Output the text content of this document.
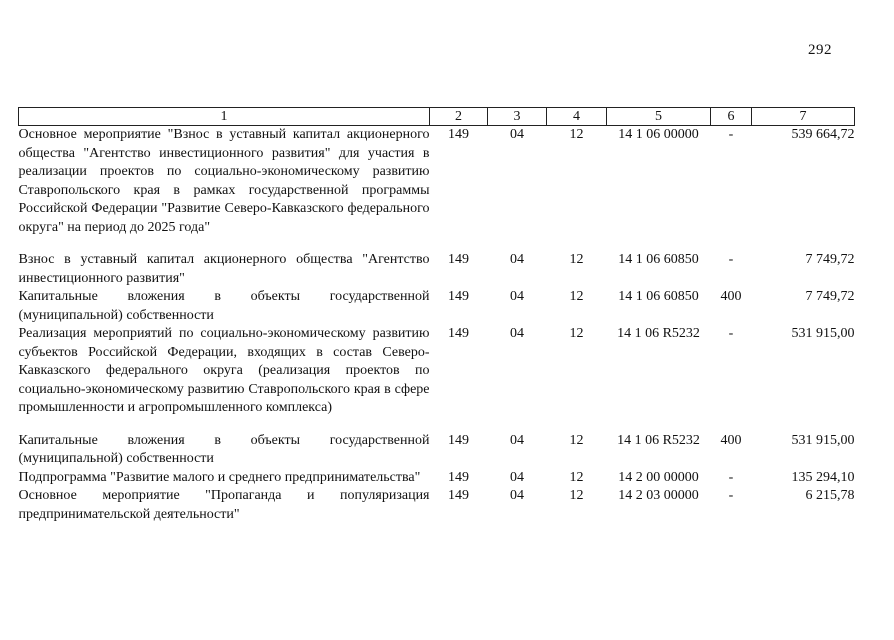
292
1	2	3	4	5	6	7
Основное мероприятие "Взнос в уставный капитал акционерного общества "Агентство инвестиционного развития" для участия в реализации проектов по социально-экономическому развитию Ставропольского края в рамках государственной программы Российской Федерации "Развитие Северо-Кавказского федерального округа" на период до 2025 года"	149	04	12	14 1 06 00000	-	539 664,72
Взнос в уставный капитал акционерного общества "Агентство инвестиционного развития"	149	04	12	14 1 06 60850	-	7 749,72
Капитальные вложения в объекты государственной (муниципальной) собственности	149	04	12	14 1 06 60850	400	7 749,72
Реализация мероприятий по социально-экономическому развитию субъектов Российской Федерации, входящих в состав Северо-Кавказского федерального округа (реализация проектов по социально-экономическому развитию Ставропольского края в сфере промышленности и агропромышленного комплекса)	149	04	12	14 1 06 R5232	-	531 915,00
Капитальные вложения в объекты государственной (муниципальной) собственности	149	04	12	14 1 06 R5232	400	531 915,00
Подпрограмма "Развитие малого и среднего предпринимательства"	149	04	12	14 2 00 00000	-	135 294,10
Основное мероприятие "Пропаганда и популяризация предпринимательской деятельности"	149	04	12	14 2 03 00000	-	6 215,78
